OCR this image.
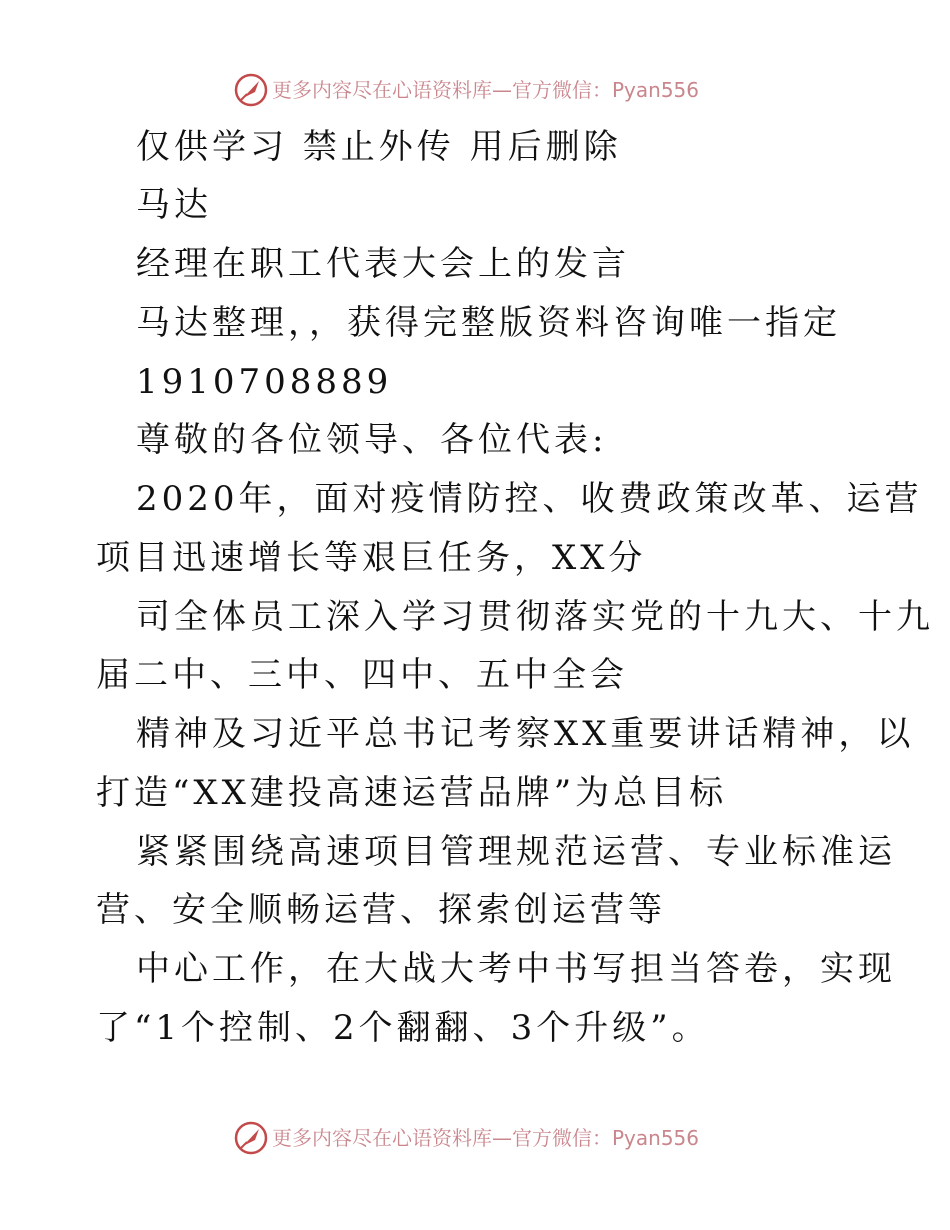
更多内容尽在心语资料库—官方微信：Pyan556
仅供学习 禁止外传 用后删除
马达
经理在职工代表大会上的发言
马达整理，，获得完整版资料咨询唯一指定
1910708889
尊敬的各位领导、各位代表:
2020年，面对疫情防控、收费政策改革、运营
项目迅速增长等艰巨任务，XX分
司全体员工深入学习贯彻落实党的十九大、十九
届二中、三中、四中、五中全会
精神及习近平总书记考察XX重要讲话精神，以
打造“XX建投高速运营品牌”为总目标
紧紧围绕高速项目管理规范运营、专业标准运
营、安全顺畅运营、探索创运营等
中心工作，在大战大考中书写担当答卷，实现
了“1个控制、2个翻翻、3个升级”。
更多内容尽在心语资料库—官方微信：Pyan556
